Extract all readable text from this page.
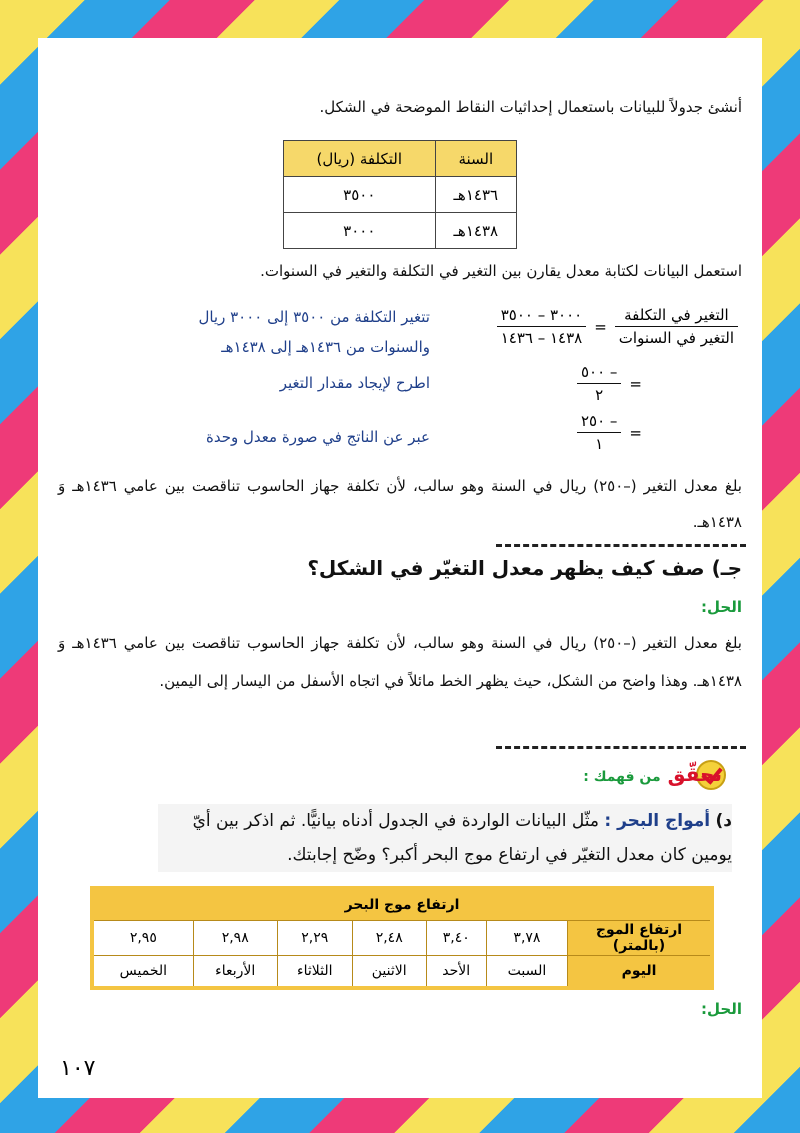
أنشئ جدولاً للبيانات باستعمال إحداثيات النقاط الموضحة في الشكل.
السنة	التكلفة (ريال)
١٤٣٦هـ	٣٥٠٠
١٤٣٨هـ	٣٠٠٠
استعمل البيانات لكتابة معدل يقارن بين التغير في التكلفة والتغير في السنوات.
$\frac{\text{التغير في التكلفة}}{\text{التغير في السنوات}}$
=
$\frac{٣٠٠٠ - ٣٥٠٠}{١٤٣٨ - ١٤٣٦}$
تتغير التكلفة من ٣٥٠٠ إلى ٣٠٠٠ ريال
والسنوات من ١٤٣٦هـ إلى ١٤٣٨هـ
=
$\frac{- ٥٠٠}{٢}$
اطرح لإيجاد مقدار التغير
=
$\frac{- ٢٥٠}{١}$
عبر عن الناتج في صورة معدل وحدة
بلغ معدل التغير (–٢٥٠) ريال في السنة وهو سالب، لأن تكلفة جهاز الحاسوب تناقصت بين عامي ١٤٣٦هـ وَ ١٤٣٨هـ.
جـ) صف كيف يظهر معدل التغيّر في الشكل؟
الحل:
بلغ معدل التغير (–٢٥٠) ريال في السنة وهو سالب، لأن تكلفة جهاز الحاسوب تناقصت بين عامي ١٤٣٦هـ وَ ١٤٣٨هـ. وهذا واضح من الشكل، حيث يظهر الخط مائلاً في اتجاه الأسفل من اليسار إلى اليمين.
تحقّق من فهمك :
د) أمواج البحر : مثّل البيانات الواردة في الجدول أدناه بيانيًّا. ثم اذكر بين أيّ يومين كان معدل التغيّر في ارتفاع موج البحر أكبر؟ وضّح إجابتك.
ارتفاع موج البحر						
ارتفاع الموج (بالمتر)	٣,٧٨	٣,٤٠	٢,٤٨	٢,٢٩	٢,٩٨	٢,٩٥
اليوم	السبت	الأحد	الاثنين	الثلاثاء	الأربعاء	الخميس
الحل:
١٠٧
